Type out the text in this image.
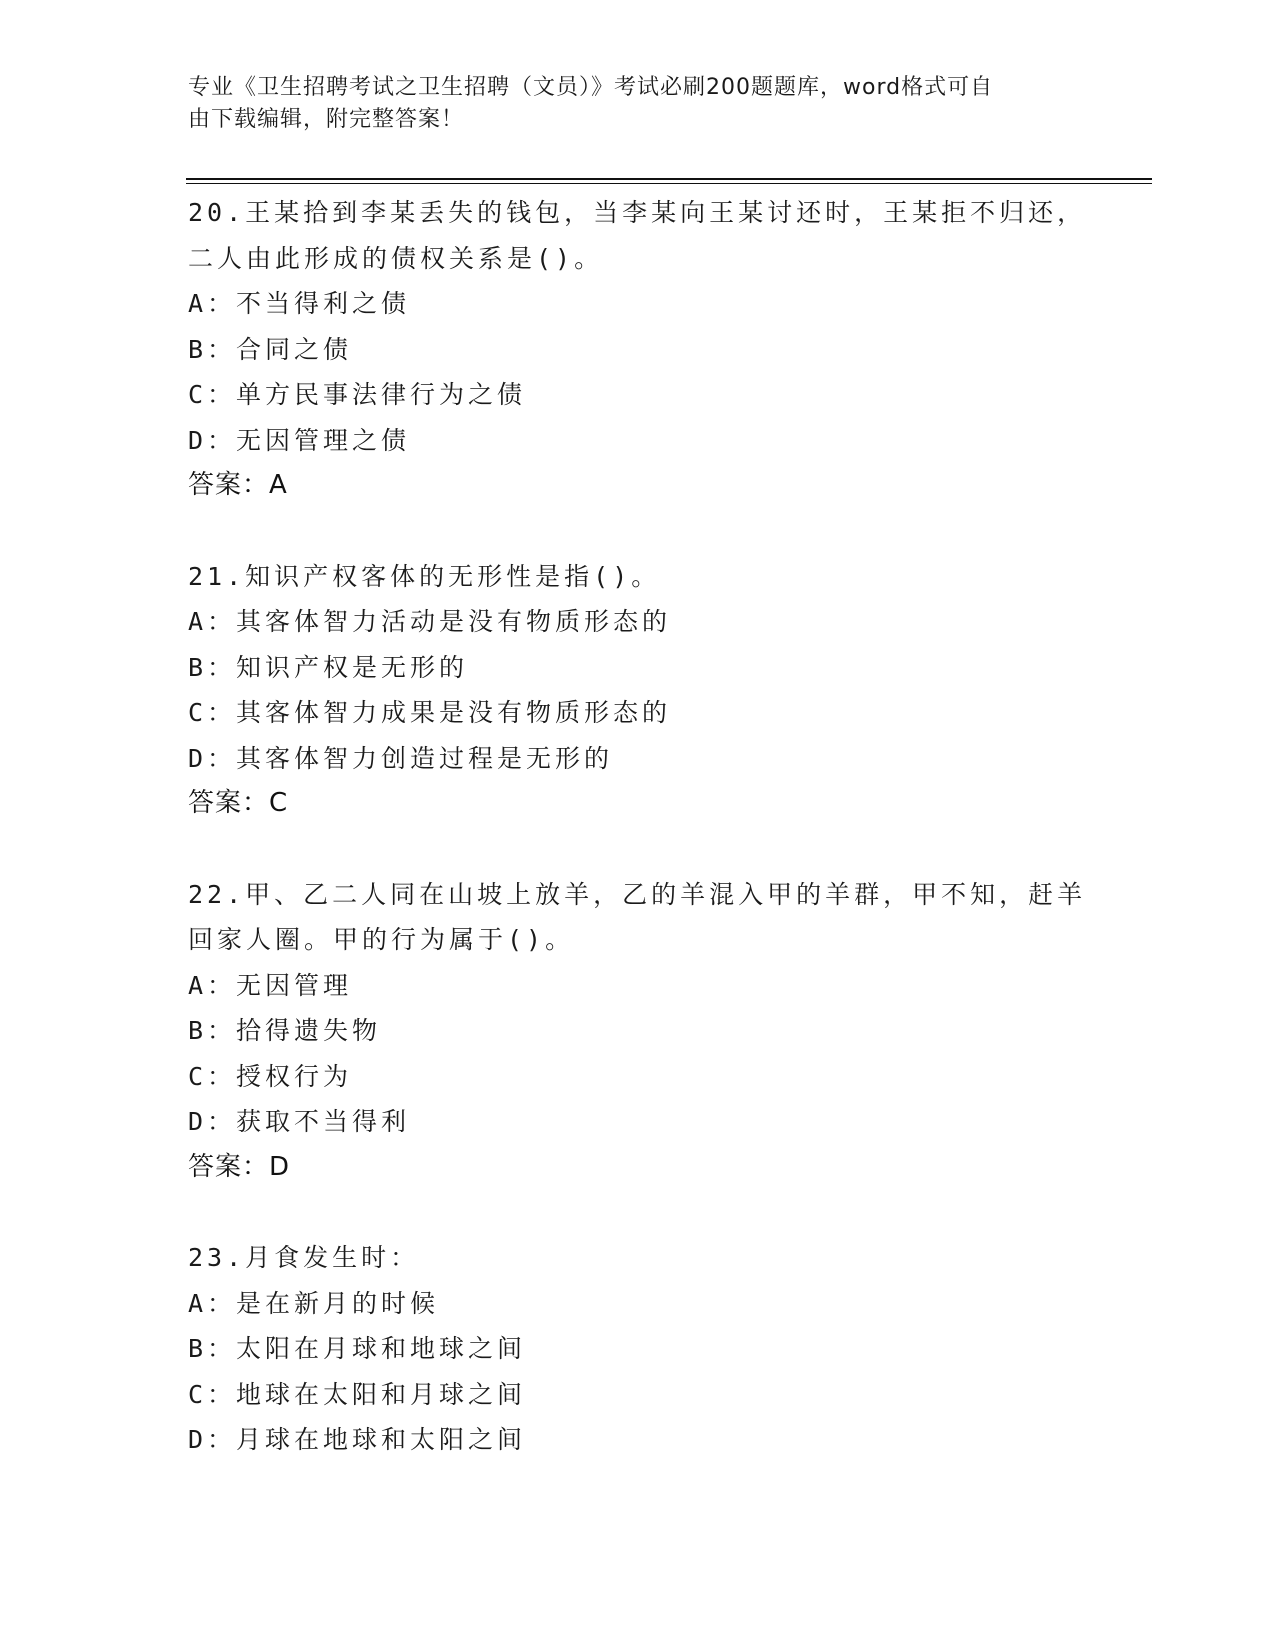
专业《卫生招聘考试之卫生招聘（文员）》考试必刷200题题库，word格式可自
由下载编辑，附完整答案！
20.王某拾到李某丢失的钱包，当李某向王某讨还时，王某拒不归还，
二人由此形成的债权关系是()。
A：不当得利之债
B：合同之债
C：单方民事法律行为之债
D：无因管理之债
答案：A
21.知识产权客体的无形性是指()。
A：其客体智力活动是没有物质形态的
B：知识产权是无形的
C：其客体智力成果是没有物质形态的
D：其客体智力创造过程是无形的
答案：C
22.甲、乙二人同在山坡上放羊，乙的羊混入甲的羊群，甲不知，赶羊
回家人圈。甲的行为属于()。
A：无因管理
B：拾得遗失物
C：授权行为
D：获取不当得利
答案：D
23.月食发生时：
A：是在新月的时候
B：太阳在月球和地球之间
C：地球在太阳和月球之间
D：月球在地球和太阳之间
